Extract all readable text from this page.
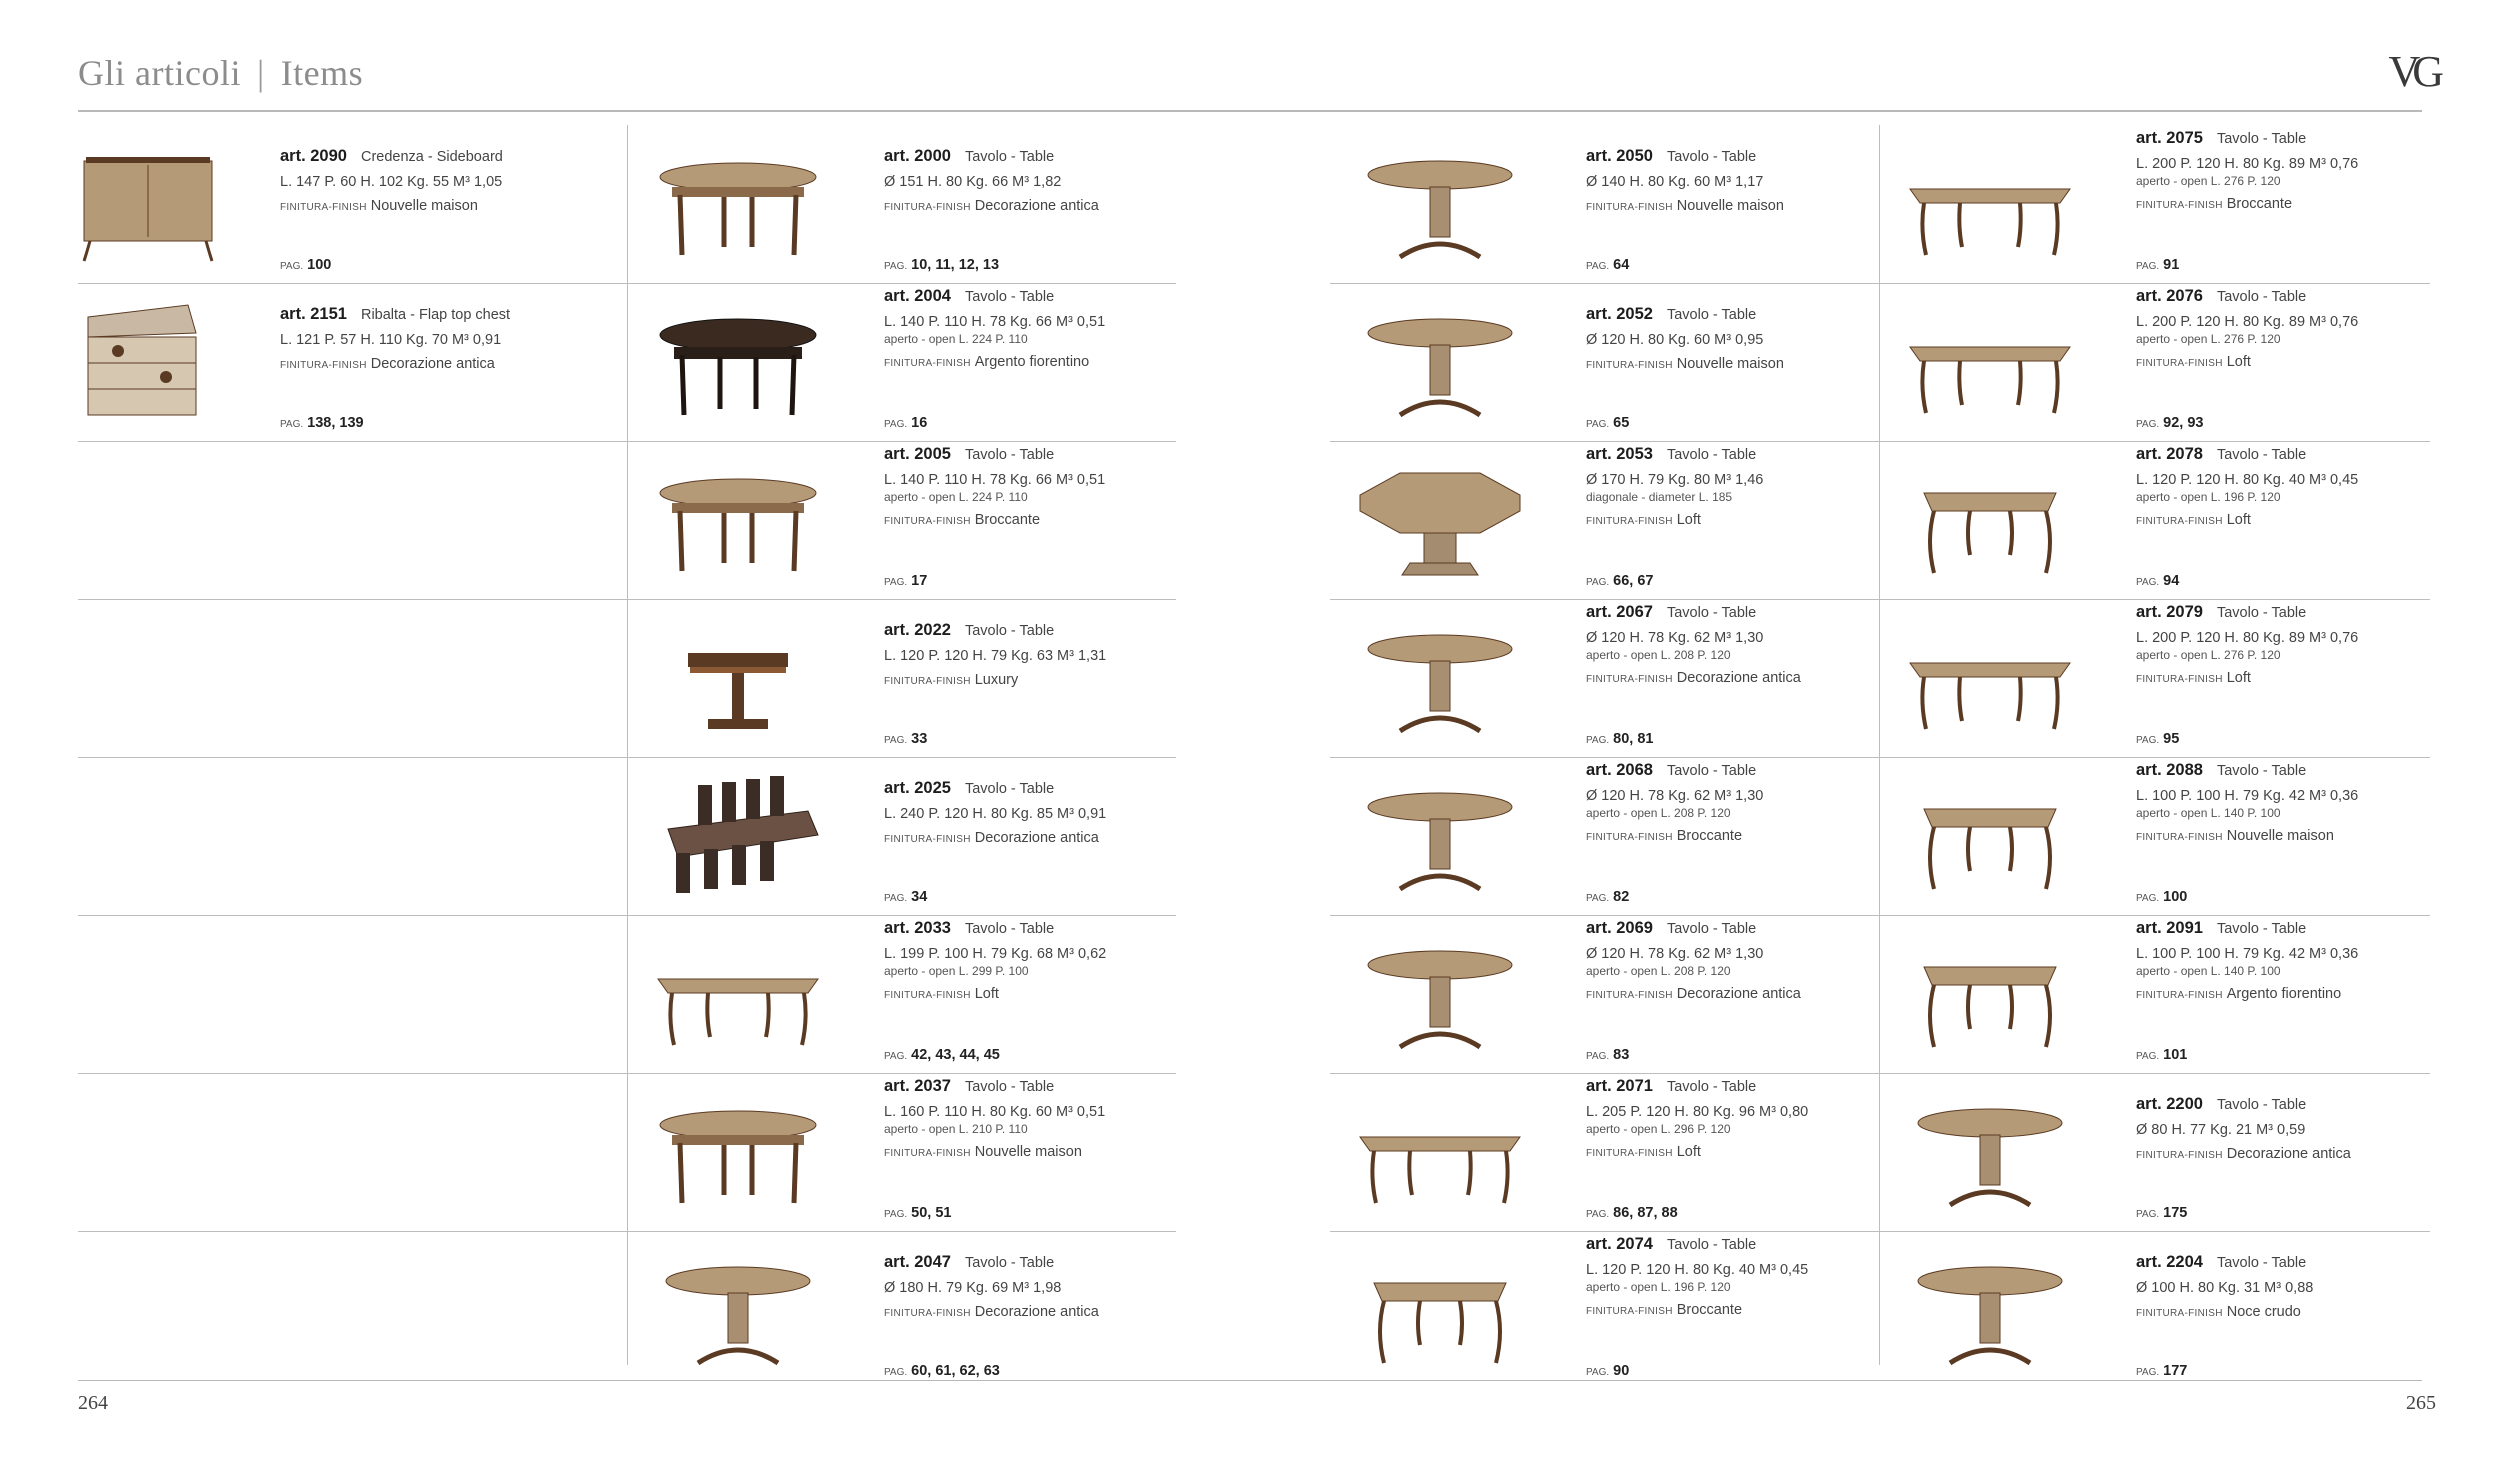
Gli articoli | Items	VG
art. 2090 Credenza - Sideboard
L. 147 P. 60 H. 102 Kg. 55 M³ 1,05
FINITURA-FINISH Nouvelle maison
PAG. 100
art. 2151 Ribalta - Flap top chest
L. 121 P. 57 H. 110 Kg. 70 M³ 0,91
FINITURA-FINISH Decorazione antica
PAG. 138, 139
art. 2000 Tavolo - Table
Ø 151 H. 80 Kg. 66 M³ 1,82
FINITURA-FINISH Decorazione antica
PAG. 10, 11, 12, 13
art. 2004 Tavolo - Table
L. 140 P. 110 H. 78 Kg. 66 M³ 0,51
aperto - open L. 224 P. 110
FINITURA-FINISH Argento fiorentino
PAG. 16
art. 2005 Tavolo - Table
L. 140 P. 110 H. 78 Kg. 66 M³ 0,51
aperto - open L. 224 P. 110
FINITURA-FINISH Broccante
PAG. 17
art. 2022 Tavolo - Table
L. 120 P. 120 H. 79 Kg. 63 M³ 1,31
FINITURA-FINISH Luxury
PAG. 33
art. 2025 Tavolo - Table
L. 240 P. 120 H. 80 Kg. 85 M³ 0,91
FINITURA-FINISH Decorazione antica
PAG. 34
art. 2033 Tavolo - Table
L. 199 P. 100 H. 79 Kg. 68 M³ 0,62
aperto - open L. 299 P. 100
FINITURA-FINISH Loft
PAG. 42, 43, 44, 45
art. 2037 Tavolo - Table
L. 160 P. 110 H. 80 Kg. 60 M³ 0,51
aperto - open L. 210 P. 110
FINITURA-FINISH Nouvelle maison
PAG. 50, 51
art. 2047 Tavolo - Table
Ø 180 H. 79 Kg. 69 M³ 1,98
FINITURA-FINISH Decorazione antica
PAG. 60, 61, 62, 63
art. 2050 Tavolo - Table
Ø 140 H. 80 Kg. 60 M³ 1,17
FINITURA-FINISH Nouvelle maison
PAG. 64
art. 2052 Tavolo - Table
Ø 120 H. 80 Kg. 60 M³ 0,95
FINITURA-FINISH Nouvelle maison
PAG. 65
art. 2053 Tavolo - Table
Ø 170 H. 79 Kg. 80 M³ 1,46
diagonale - diameter L. 185
FINITURA-FINISH Loft
PAG. 66, 67
art. 2067 Tavolo - Table
Ø 120 H. 78 Kg. 62 M³ 1,30
aperto - open L. 208 P. 120
FINITURA-FINISH Decorazione antica
PAG. 80, 81
art. 2068 Tavolo - Table
Ø 120 H. 78 Kg. 62 M³ 1,30
aperto - open L. 208 P. 120
FINITURA-FINISH Broccante
PAG. 82
art. 2069 Tavolo - Table
Ø 120 H. 78 Kg. 62 M³ 1,30
aperto - open L. 208 P. 120
FINITURA-FINISH Decorazione antica
PAG. 83
art. 2071 Tavolo - Table
L. 205 P. 120 H. 80 Kg. 96 M³ 0,80
aperto - open L. 296 P. 120
FINITURA-FINISH Loft
PAG. 86, 87, 88
art. 2074 Tavolo - Table
L. 120 P. 120 H. 80 Kg. 40 M³ 0,45
aperto - open L. 196 P. 120
FINITURA-FINISH Broccante
PAG. 90
art. 2075 Tavolo - Table
L. 200 P. 120 H. 80 Kg. 89 M³ 0,76
aperto - open L. 276 P. 120
FINITURA-FINISH Broccante
PAG. 91
art. 2076 Tavolo - Table
L. 200 P. 120 H. 80 Kg. 89 M³ 0,76
aperto - open L. 276 P. 120
FINITURA-FINISH Loft
PAG. 92, 93
art. 2078 Tavolo - Table
L. 120 P. 120 H. 80 Kg. 40 M³ 0,45
aperto - open L. 196 P. 120
FINITURA-FINISH Loft
PAG. 94
art. 2079 Tavolo - Table
L. 200 P. 120 H. 80 Kg. 89 M³ 0,76
aperto - open L. 276 P. 120
FINITURA-FINISH Loft
PAG. 95
art. 2088 Tavolo - Table
L. 100 P. 100 H. 79 Kg. 42 M³ 0,36
aperto - open L. 140 P. 100
FINITURA-FINISH Nouvelle maison
PAG. 100
art. 2091 Tavolo - Table
L. 100 P. 100 H. 79 Kg. 42 M³ 0,36
aperto - open L. 140 P. 100
FINITURA-FINISH Argento fiorentino
PAG. 101
art. 2200 Tavolo - Table
Ø 80 H. 77 Kg. 21 M³ 0,59
FINITURA-FINISH Decorazione antica
PAG. 175
art. 2204 Tavolo - Table
Ø 100 H. 80 Kg. 31 M³ 0,88
FINITURA-FINISH Noce crudo
PAG. 177
264	265
